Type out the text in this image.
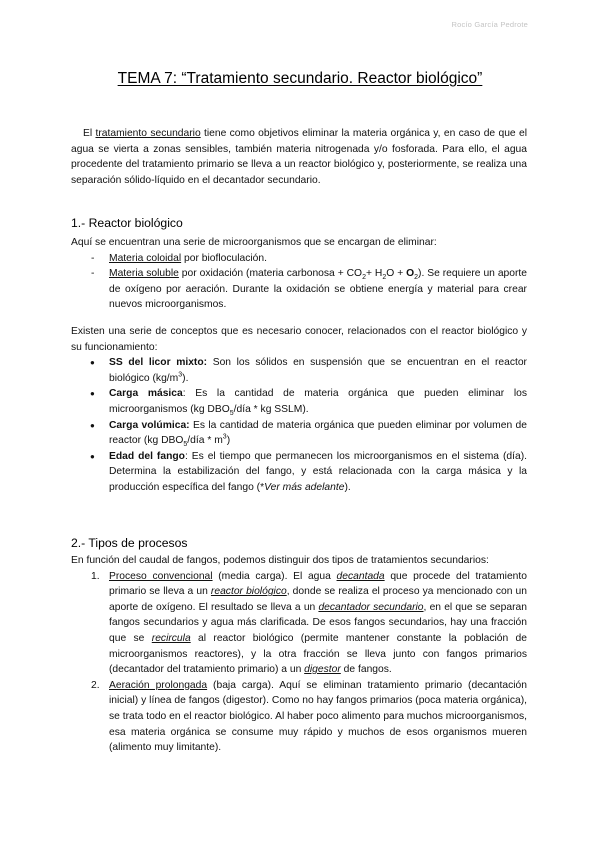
Rocío García Pedrote
TEMA 7: “Tratamiento secundario. Reactor biológico”

El tratamiento secundario tiene como objetivos eliminar la materia orgánica y, en caso de que el agua se vierta a zonas sensibles, también materia nitrogenada y/o fosforada. Para ello, el agua procedente del tratamiento primario se lleva a un reactor biológico y, posteriormente, se realiza una separación sólido-líquido en el decantador secundario.

1.- Reactor biológico

Aquí se encuentran una serie de microorganismos que se encargan de eliminar:

- Materia coloidal por biofloculación.
- Materia soluble por oxidación (materia carbonosa + $CO_2+ H_2O + O_2$). Se requiere un aporte de oxígeno por aeración. Durante la oxidación se obtiene energía y material para crear nuevos microorganismos.

Existen una serie de conceptos que es necesario conocer, relacionados con el reactor biológico y su funcionamiento:

● SS del licor mixto: Son los sólidos en suspensión que se encuentran en el reactor biológico $(kg/m^3)$.
● Carga másica: Es la cantidad de materia orgánica que pueden eliminar los microorganismos (kg $DBO_5$/día * kg SSLM).
● Carga volúmica: Es la cantidad de materia orgánica que pueden eliminar por volumen de reactor (kg $DBO_5$/día * $m^3$)
● Edad del fango: Es el tiempo que permanecen los microorganismos en el sistema (día). Determina la estabilización del fango, y está relacionada con la carga másica y la producción específica del fango (*Ver más adelante).
2.- Tipos de procesos

En función del caudal de fangos, podemos distinguir dos tipos de tratamientos secundarios:

1. Proceso convencional (media carga). El agua decantada que procede del tratamiento primario se lleva a un reactor biológico, donde se realiza el proceso ya mencionado con un aporte de oxígeno. El resultado se lleva a un decantador secundario, en el que se separan fangos secundarios y agua más clarificada. De esos fangos secundarios, hay una fracción que se recircula al reactor biológico (permite mantener constante la población de microorganismos reactores), y la otra fracción se lleva junto con fangos primarios (decantador del tratamiento primario) a un digestor de fangos.
2. Aeración prolongada (baja carga). Aquí se eliminan tratamiento primario (decantación inicial) y línea de fangos (digestor). Como no hay fangos primarios (poca materia orgánica), se trata todo en el reactor biológico. Al haber poco alimento para muchos microorganismos, esa materia orgánica se consume muy rápido y muchos de esos organismos mueren (alimento muy limitante).
